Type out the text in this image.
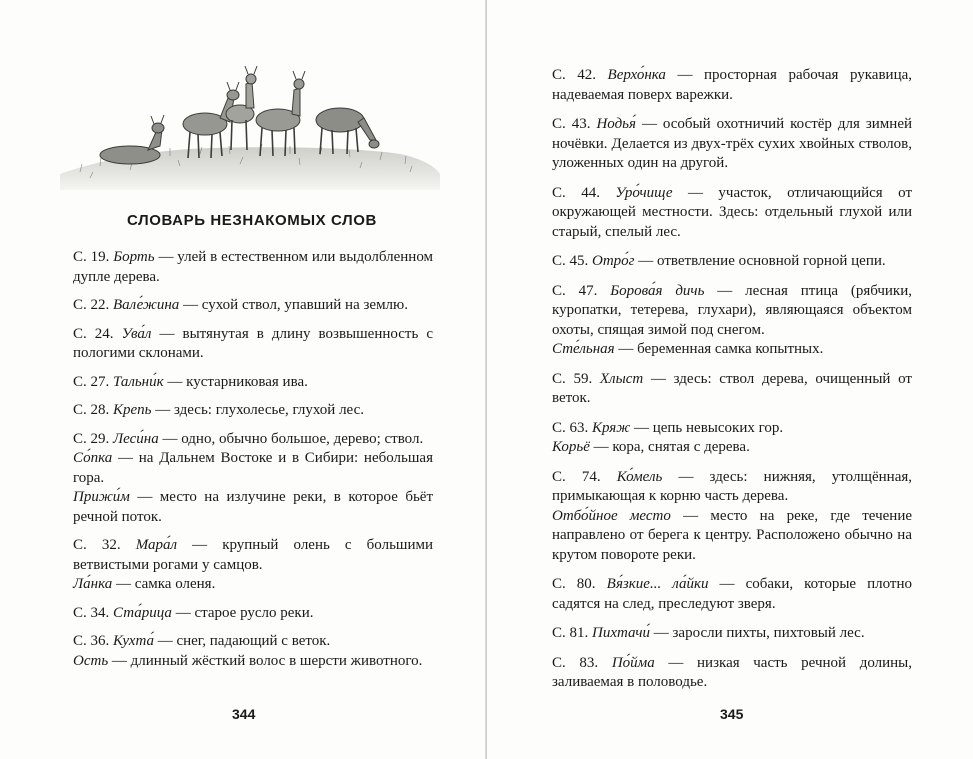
СЛОВАРЬ НЕЗНАКОМЫХ СЛОВ

С. 19. Борть — улей в естественном или выдолбленном дупле дерева.

С. 22. Вале́жина — сухой ствол, упавший на землю.

С. 24. Ува́л — вытянутая в длину возвышенность с пологими склонами.

С. 27. Тальни́к — кустарниковая ива.

С. 28. Крепь — здесь: глухолесье, глухой лес.

С. 29. Леси́на — одно, обычно большое, дерево; ствол.
Со́пка — на Дальнем Востоке и в Сибири: небольшая гора.
Прижи́м — место на излучине реки, в которое бьёт речной поток.

С. 32. Мара́л — крупный олень с большими ветвистыми рогами у самцов.
Ла́нка — самка оленя.

С. 34. Ста́рица — старое русло реки.

С. 36. Кухта́ — снег, падающий с веток.
Ость — длинный жёсткий волос в шерсти животного.

344

С. 42. Верхо́нка — просторная рабочая рукавица, надеваемая поверх варежки.

С. 43. Нодья́ — особый охотничий костёр для зимней ночёвки. Делается из двух-трёх сухих хвойных стволов, уложенных один на другой.

С. 44. Уро́чище — участок, отличающийся от окружающей местности. Здесь: отдельный глухой или старый, спелый лес.

С. 45. Отро́г — ответвление основной горной цепи.

С. 47. Борова́я дичь — лесная птица (рябчики, куропатки, тетерева, глухари), являющаяся объектом охоты, спящая зимой под снегом.
Сте́льная — беременная самка копытных.

С. 59. Хлыст — здесь: ствол дерева, очищенный от веток.

С. 63. Кряж — цепь невысоких гор.
Корьё — кора, снятая с дерева.

С. 74. Ко́мель — здесь: нижняя, утолщённая, примыкающая к корню часть дерева.
Отбо́йное место — место на реке, где течение направлено от берега к центру. Расположено обычно на крутом повороте реки.

С. 80. Вя́зкие... ла́йки — собаки, которые плотно садятся на след, преследуют зверя.

С. 81. Пихтачи́ — заросли пихты, пихтовый лес.

С. 83. По́йма — низкая часть речной долины, заливаемая в половодье.

345
